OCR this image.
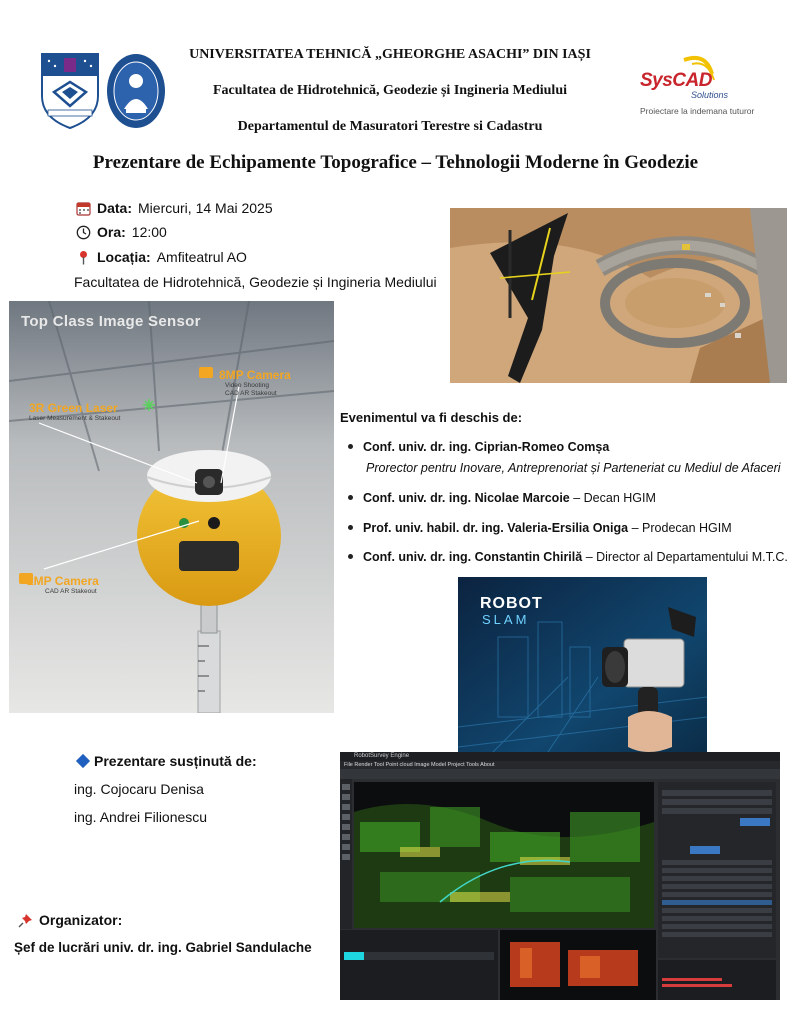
UNIVERSITATEA TEHNICĂ „GHEORGHE ASACHI” DIN IAȘI
Facultatea de Hidrotehnică, Geodezie și Ingineria Mediului
Departamentul de Masuratori Terestre si Cadastru
SysCAD
Solutions
Proiectare la indemana tuturor
Prezentare de Echipamente Topografice – Tehnologii Moderne în Geodezie
Data: Miercuri, 14 Mai 2025
Ora: 12:00
Locația: Amfiteatrul AO
Facultatea de Hidrotehnică, Geodezie și Ingineria Mediului
Top Class Image Sensor
3R Green Laser
Laser Measurement & Stakeout
8MP Camera
Video Shooting
CAD AR Stakeout
2MP Camera
CAD AR Stakeout
Evenimentul va fi deschis de:
Conf. univ. dr. ing. Ciprian-Romeo Comșa
Prorector pentru Inovare, Antreprenoriat și Parteneriat cu Mediul de Afaceri
Conf. univ. dr. ing. Nicolae Marcoie – Decan HGIM
Prof. univ. habil. dr. ing. Valeria-Ersilia Oniga – Prodecan HGIM
Conf. univ. dr. ing. Constantin Chirilă – Director al Departamentului M.T.C.
ROBOT
SLAM
Prezentare susținută de:
ing. Cojocaru Denisa
ing. Andrei Filionescu
Organizator:
Șef de lucrări univ. dr. ing. Gabriel Sandulache
RobotSurvey Engine
File Render Tool Point cloud Image Model Project Tools About
